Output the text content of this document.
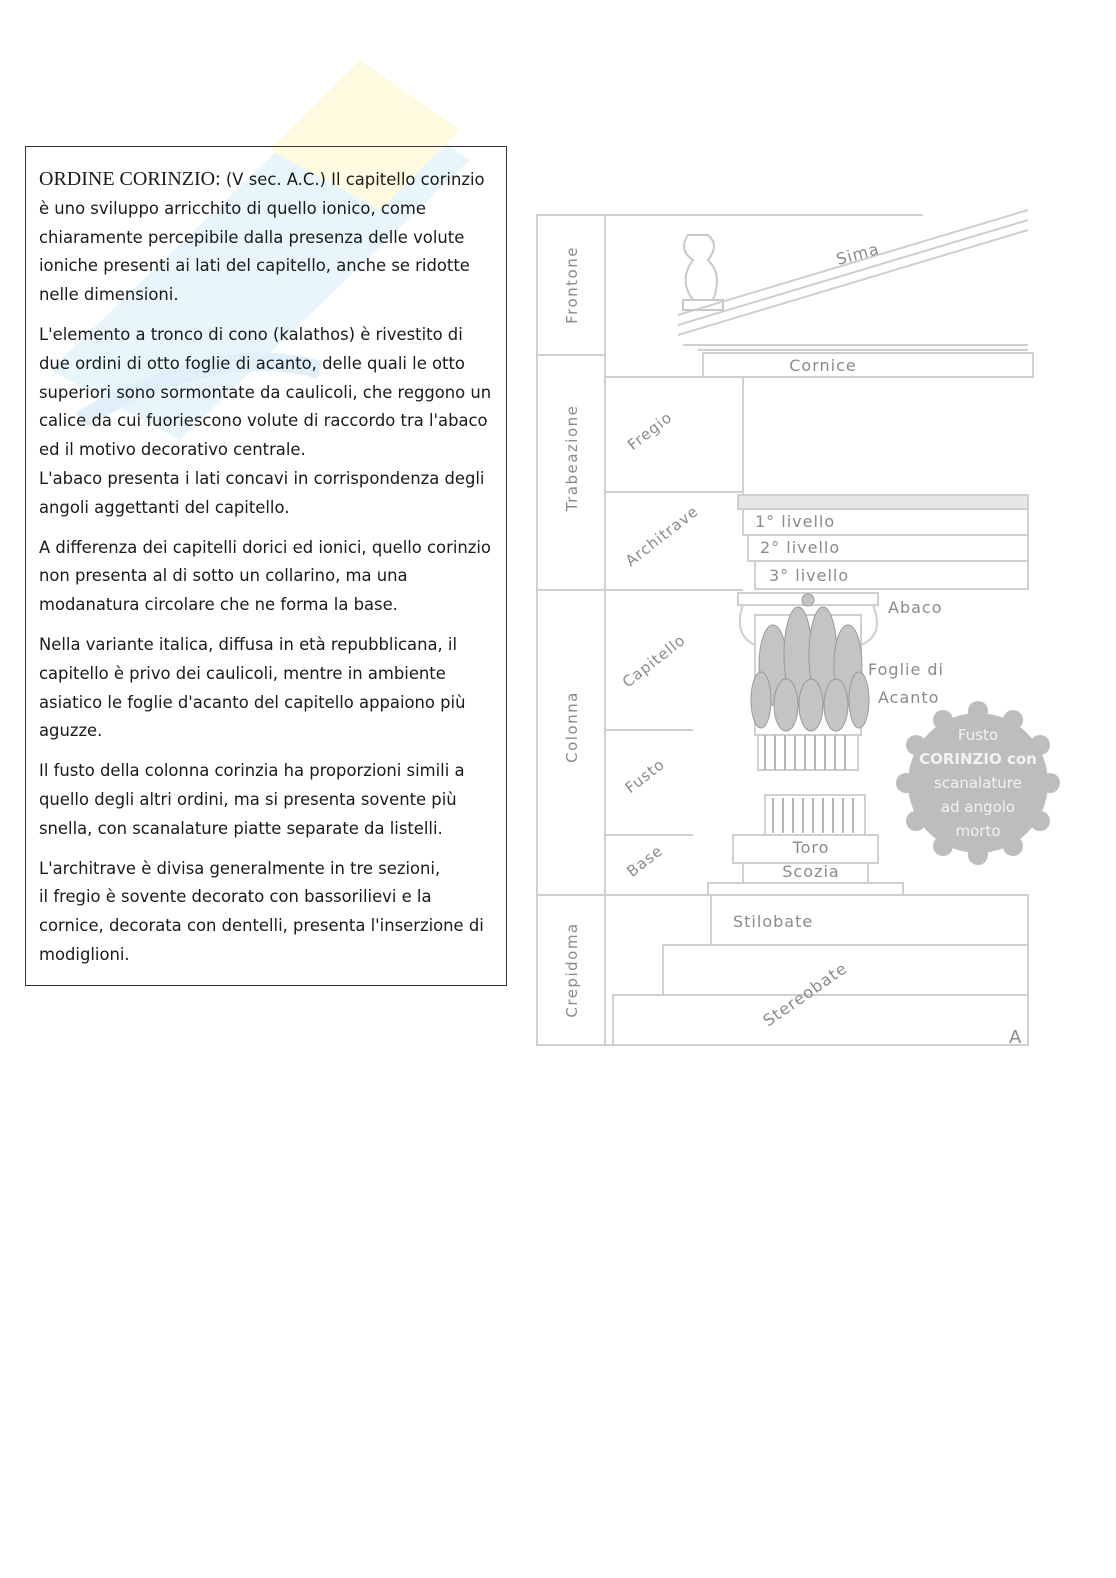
ORDINE CORINZIO: (V sec. A.C.) Il capitello corinzio è uno sviluppo arricchito di quello ionico, come chiaramente percepibile dalla presenza delle volute ioniche presenti ai lati del capitello, anche se ridotte nelle dimensioni.

L'elemento a tronco di cono (kalathos) è rivestito di due ordini di otto foglie di acanto, delle quali le otto superiori sono sormontate da caulicoli, che reggono un calice da cui fuoriescono volute di raccordo tra l'abaco ed il motivo decorativo centrale.
L'abaco presenta i lati concavi in corrispondenza degli angoli aggettanti del capitello.

A differenza dei capitelli dorici ed ionici, quello corinzio non presenta al di sotto un collarino, ma una modanatura circolare che ne forma la base.

Nella variante italica, diffusa in età repubblicana, il capitello è privo dei caulicoli, mentre in ambiente asiatico le foglie d'acanto del capitello appaiono più aguzze.

Il fusto della colonna corinzia ha proporzioni simili a quello degli altri ordini, ma si presenta sovente più snella, con scanalature piatte separate da listelli.

L'architrave è divisa generalmente in tre sezioni,
il fregio è sovente decorato con bassorilievi e la cornice, decorata con dentelli, presenta l'inserzione di modiglioni.

Frontone
Trabeazione
Colonna
Crepidoma
Fregio
Architrave
Capitello
Fusto
Base
Sima
Cornice
1° livello
2° livello
3° livello
Abaco
Foglie di
Acanto
Toro
Scozia
Stilobate
Stereobate
A
Fusto
CORINZIO con
scanalature
ad angolo
morto
